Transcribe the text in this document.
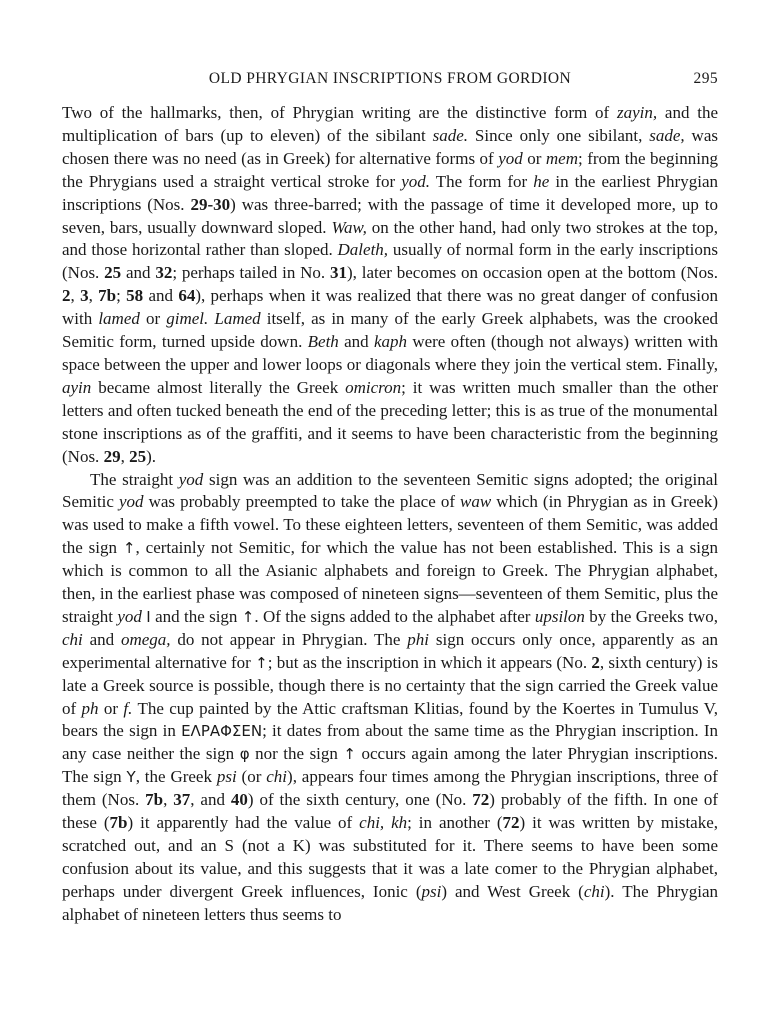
OLD PHRYGIAN INSCRIPTIONS FROM GORDION	295

Two of the hallmarks, then, of Phrygian writing are the distinctive form of zayin, and the multiplication of bars (up to eleven) of the sibilant sade. Since only one sibilant, sade, was chosen there was no need (as in Greek) for alternative forms of yod or mem; from the beginning the Phrygians used a straight vertical stroke for yod. The form for he in the earliest Phrygian inscriptions (Nos. 29-30) was three-barred; with the passage of time it developed more, up to seven, bars, usually downward sloped. Waw, on the other hand, had only two strokes at the top, and those horizontal rather than sloped. Daleth, usually of normal form in the early inscriptions (Nos. 25 and 32; perhaps tailed in No. 31), later becomes on occasion open at the bottom (Nos. 2, 3, 7b; 58 and 64), perhaps when it was realized that there was no great danger of confusion with lamed or gimel. Lamed itself, as in many of the early Greek alphabets, was the crooked Semitic form, turned upside down. Beth and kaph were often (though not always) written with space between the upper and lower loops or diagonals where they join the vertical stem. Finally, ayin became almost literally the Greek omicron; it was written much smaller than the other letters and often tucked beneath the end of the preceding letter; this is as true of the monumental stone inscriptions as of the graffiti, and it seems to have been characteristic from the beginning (Nos. 29, 25).

The straight yod sign was an addition to the seventeen Semitic signs adopted; the original Semitic yod was probably preempted to take the place of waw which (in Phrygian as in Greek) was used to make a fifth vowel. To these eighteen letters, seventeen of them Semitic, was added the sign ↑, certainly not Semitic, for which the value has not been established. This is a sign which is common to all the Asianic alphabets and foreign to Greek. The Phrygian alphabet, then, in the earliest phase was composed of nineteen signs—seventeen of them Semitic, plus the straight yod I and the sign ↑. Of the signs added to the alphabet after upsilon by the Greeks two, chi and omega, do not appear in Phrygian. The phi sign occurs only once, apparently as an experimental alternative for ↑; but as the inscription in which it appears (No. 2, sixth century) is late a Greek source is possible, though there is no certainty that the sign carried the Greek value of ph or f. The cup painted by the Attic craftsman Klitias, found by the Koertes in Tumulus V, bears the sign in ΕΛΡΑΦΣΕΝ; it dates from about the same time as the Phrygian inscription. In any case neither the sign φ nor the sign ↑ occurs again among the later Phrygian inscriptions. The sign Y, the Greek psi (or chi), appears four times among the Phrygian inscriptions, three of them (Nos. 7b, 37, and 40) of the sixth century, one (No. 72) probably of the fifth. In one of these (7b) it apparently had the value of chi, kh; in another (72) it was written by mistake, scratched out, and an S (not a K) was substituted for it. There seems to have been some confusion about its value, and this suggests that it was a late comer to the Phrygian alphabet, perhaps under divergent Greek influences, Ionic (psi) and West Greek (chi). The Phrygian alphabet of nineteen letters thus seems to
